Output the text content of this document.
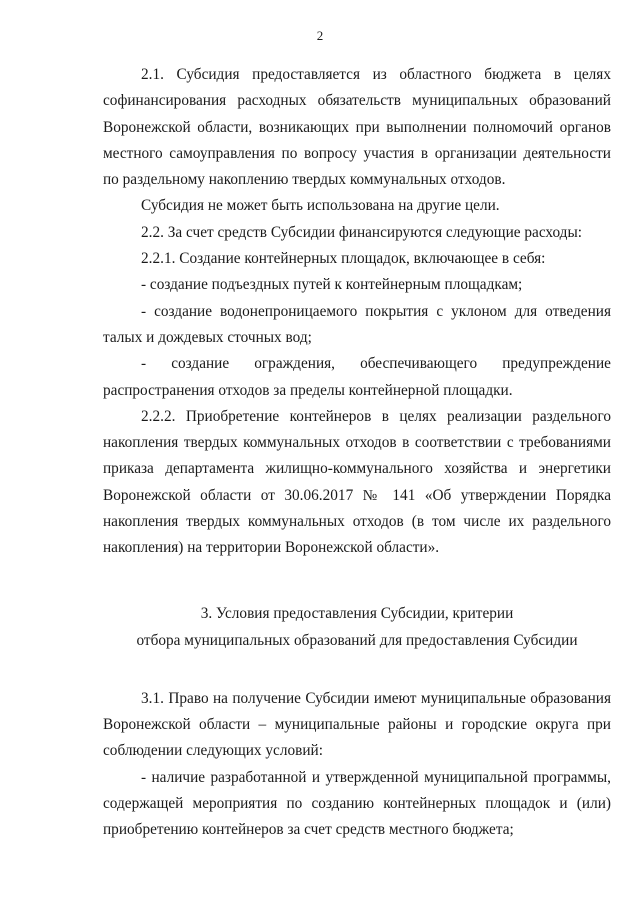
2

2.1. Субсидия предоставляется из областного бюджета в целях софинансирования расходных обязательств муниципальных образований Воронежской области, возникающих при выполнении полномочий органов местного самоуправления по вопросу участия в организации деятельности по раздельному накоплению твердых коммунальных отходов.

Субсидия не может быть использована на другие цели.

2.2. За счет средств Субсидии финансируются следующие расходы:

2.2.1. Создание контейнерных площадок, включающее в себя:

- создание подъездных путей к контейнерным площадкам;

- создание водонепроницаемого покрытия с уклоном для отведения талых и дождевых сточных вод;

- создание ограждения, обеспечивающего предупреждение

распространения отходов за пределы контейнерной площадки.

2.2.2. Приобретение контейнеров в целях реализации раздельного накопления твердых коммунальных отходов в соответствии с требованиями приказа департамента жилищно-коммунального хозяйства и энергетики Воронежской области от 30.06.2017 № 141 «Об утверждении Порядка накопления твердых коммунальных отходов (в том числе их раздельного накопления) на территории Воронежской области».

3. Условия предоставления Субсидии, критерии
отбора муниципальных образований для предоставления Субсидии

3.1. Право на получение Субсидии имеют муниципальные образования Воронежской области – муниципальные районы и городские округа при соблюдении следующих условий:

- наличие разработанной и утвержденной муниципальной программы, содержащей мероприятия по созданию контейнерных площадок и (или) приобретению контейнеров за счет средств местного бюджета;
